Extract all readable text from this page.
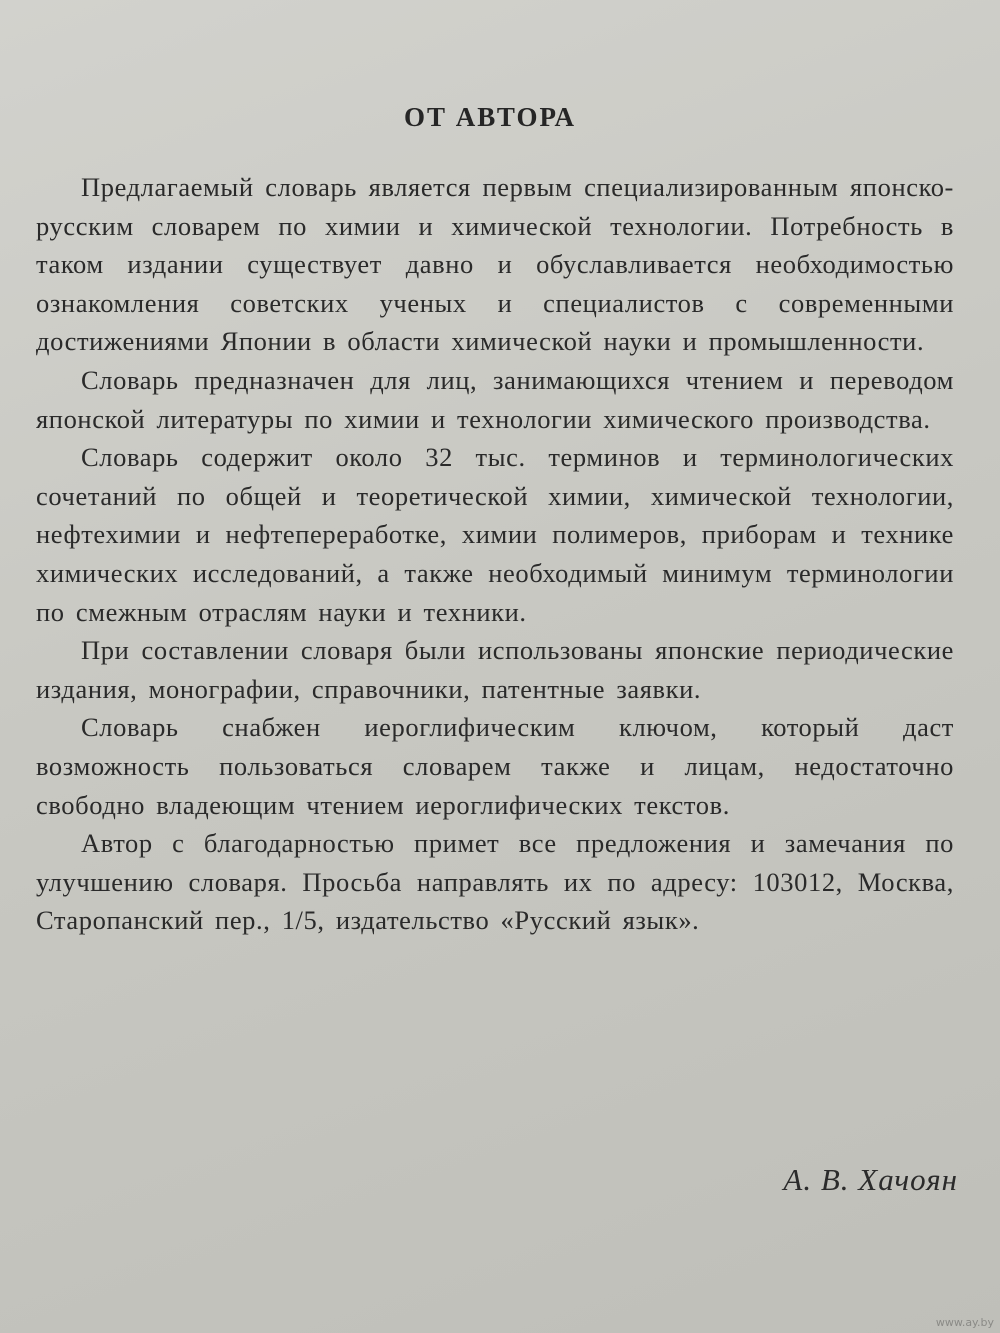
ОТ АВТОРА

Предлагаемый словарь является первым специализированным японско-русским словарем по химии и химической технологии. Потребность в таком издании существует давно и обуславливается необходимостью ознакомления советских ученых и специалистов с современными достижениями Японии в области химической науки и промышленности.

Словарь предназначен для лиц, занимающихся чтением и переводом японской литературы по химии и технологии химического производства.

Словарь содержит около 32 тыс. терминов и терминологических сочетаний по общей и теоретической химии, химической технологии, нефтехимии и нефтепереработке, химии полимеров, приборам и технике химических исследований, а также необходимый минимум терминологии по смежным отраслям науки и техники.

При составлении словаря были использованы японские периодические издания, монографии, справочники, патентные заявки.

Словарь снабжен иероглифическим ключом, который даст возможность пользоваться словарем также и лицам, недостаточно свободно владеющим чтением иероглифических текстов.

Автор с благодарностью примет все предложения и замечания по улучшению словаря. Просьба направлять их по адресу: 103012, Москва, Старопанский пер., 1/5, издательство «Русский язык».

А. В. Хачоян
www.ay.by
